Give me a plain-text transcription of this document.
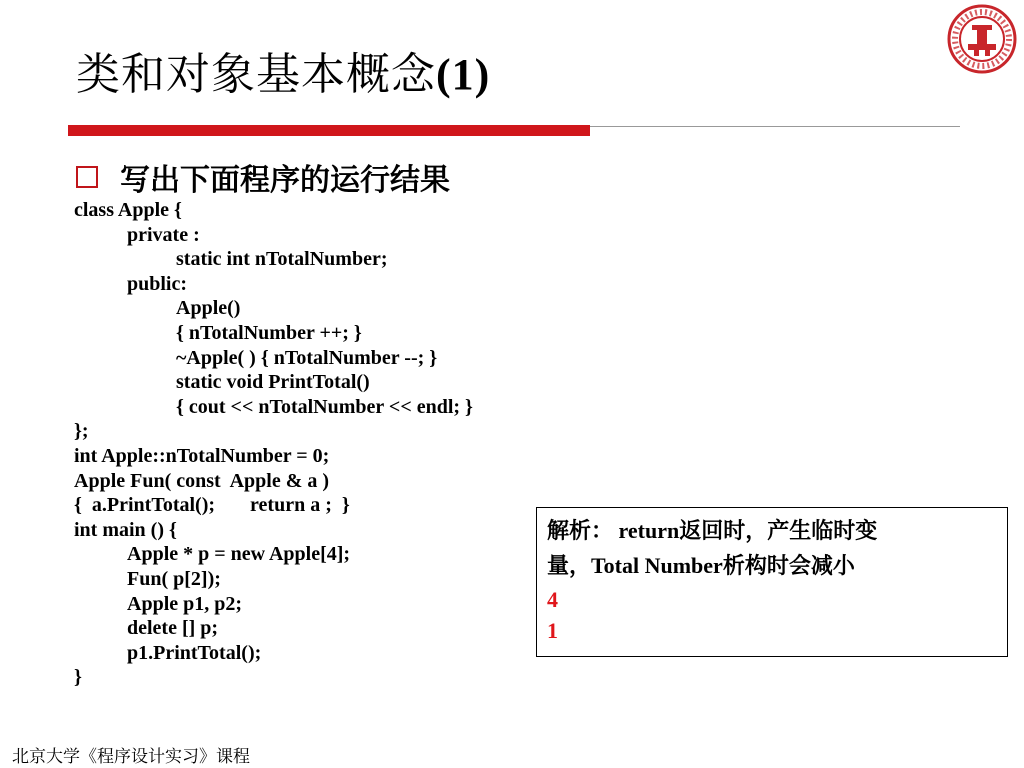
类和对象基本概念(1)
写出下面程序的运行结果
class Apple {
private :
static int nTotalNumber;
public:
Apple()
{ nTotalNumber ++; }
~Apple( ) { nTotalNumber --; }
static void PrintTotal()
{ cout << nTotalNumber << endl; }
};
int Apple::nTotalNumber = 0;
Apple Fun( const  Apple & a )
{  a.PrintTotal();       return a ;  }
int main () {
Apple * p = new Apple[4];
Fun( p[2]);
Apple p1, p2;
delete [] p;
p1.PrintTotal();
}
解析： return返回时，产生临时变
量，Total Number析构时会减小
4
1
北京大学《程序设计实习》课程
